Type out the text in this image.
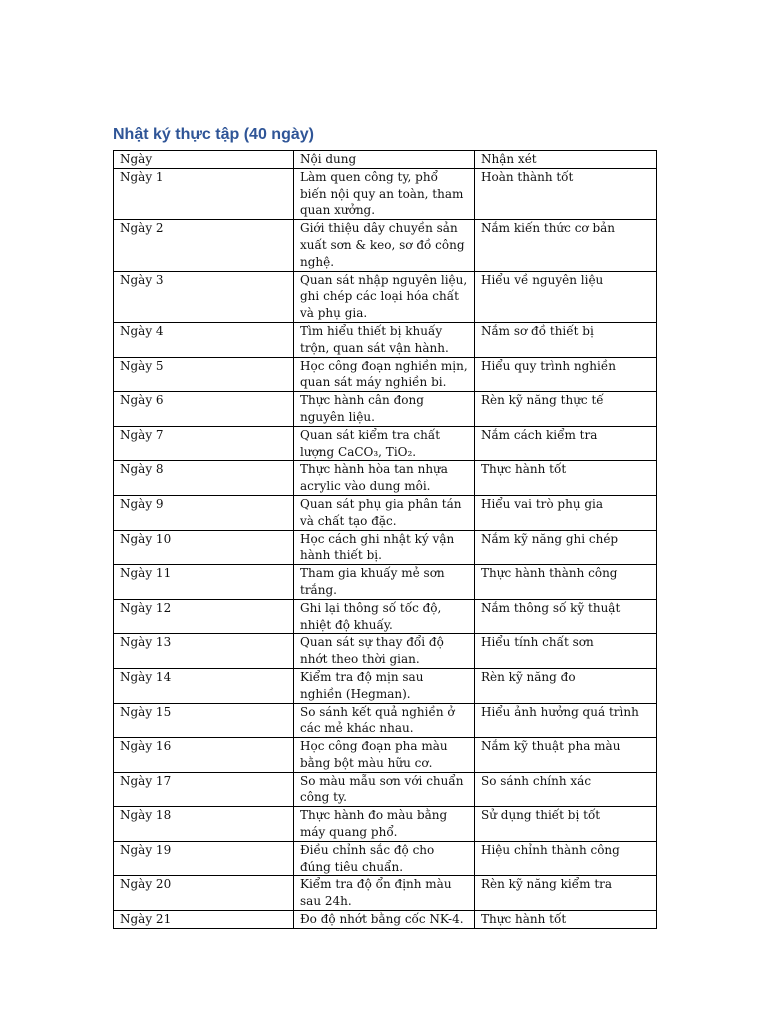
Nhật ký thực tập (40 ngày)
Ngày	Nội dung	Nhận xét
Ngày 1	Làm quen công ty, phổ biến nội quy an toàn, tham quan xưởng.	Hoàn thành tốt
Ngày 2	Giới thiệu dây chuyền sản xuất sơn & keo, sơ đồ công nghệ.	Nắm kiến thức cơ bản
Ngày 3	Quan sát nhập nguyên liệu, ghi chép các loại hóa chất và phụ gia.	Hiểu về nguyên liệu
Ngày 4	Tìm hiểu thiết bị khuấy trộn, quan sát vận hành.	Nắm sơ đồ thiết bị
Ngày 5	Học công đoạn nghiền mịn, quan sát máy nghiền bi.	Hiểu quy trình nghiền
Ngày 6	Thực hành cân đong nguyên liệu.	Rèn kỹ năng thực tế
Ngày 7	Quan sát kiểm tra chất lượng CaCO₃, TiO₂.	Nắm cách kiểm tra
Ngày 8	Thực hành hòa tan nhựa acrylic vào dung môi.	Thực hành tốt
Ngày 9	Quan sát phụ gia phân tán và chất tạo đặc.	Hiểu vai trò phụ gia
Ngày 10	Học cách ghi nhật ký vận hành thiết bị.	Nắm kỹ năng ghi chép
Ngày 11	Tham gia khuấy mẻ sơn trắng.	Thực hành thành công
Ngày 12	Ghi lại thông số tốc độ, nhiệt độ khuấy.	Nắm thông số kỹ thuật
Ngày 13	Quan sát sự thay đổi độ nhớt theo thời gian.	Hiểu tính chất sơn
Ngày 14	Kiểm tra độ mịn sau nghiền (Hegman).	Rèn kỹ năng đo
Ngày 15	So sánh kết quả nghiền ở các mẻ khác nhau.	Hiểu ảnh hưởng quá trình
Ngày 16	Học công đoạn pha màu bằng bột màu hữu cơ.	Nắm kỹ thuật pha màu
Ngày 17	So màu mẫu sơn với chuẩn công ty.	So sánh chính xác
Ngày 18	Thực hành đo màu bằng máy quang phổ.	Sử dụng thiết bị tốt
Ngày 19	Điều chỉnh sắc độ cho đúng tiêu chuẩn.	Hiệu chỉnh thành công
Ngày 20	Kiểm tra độ ổn định màu sau 24h.	Rèn kỹ năng kiểm tra
Ngày 21	Đo độ nhớt bằng cốc NK-4.	Thực hành tốt
